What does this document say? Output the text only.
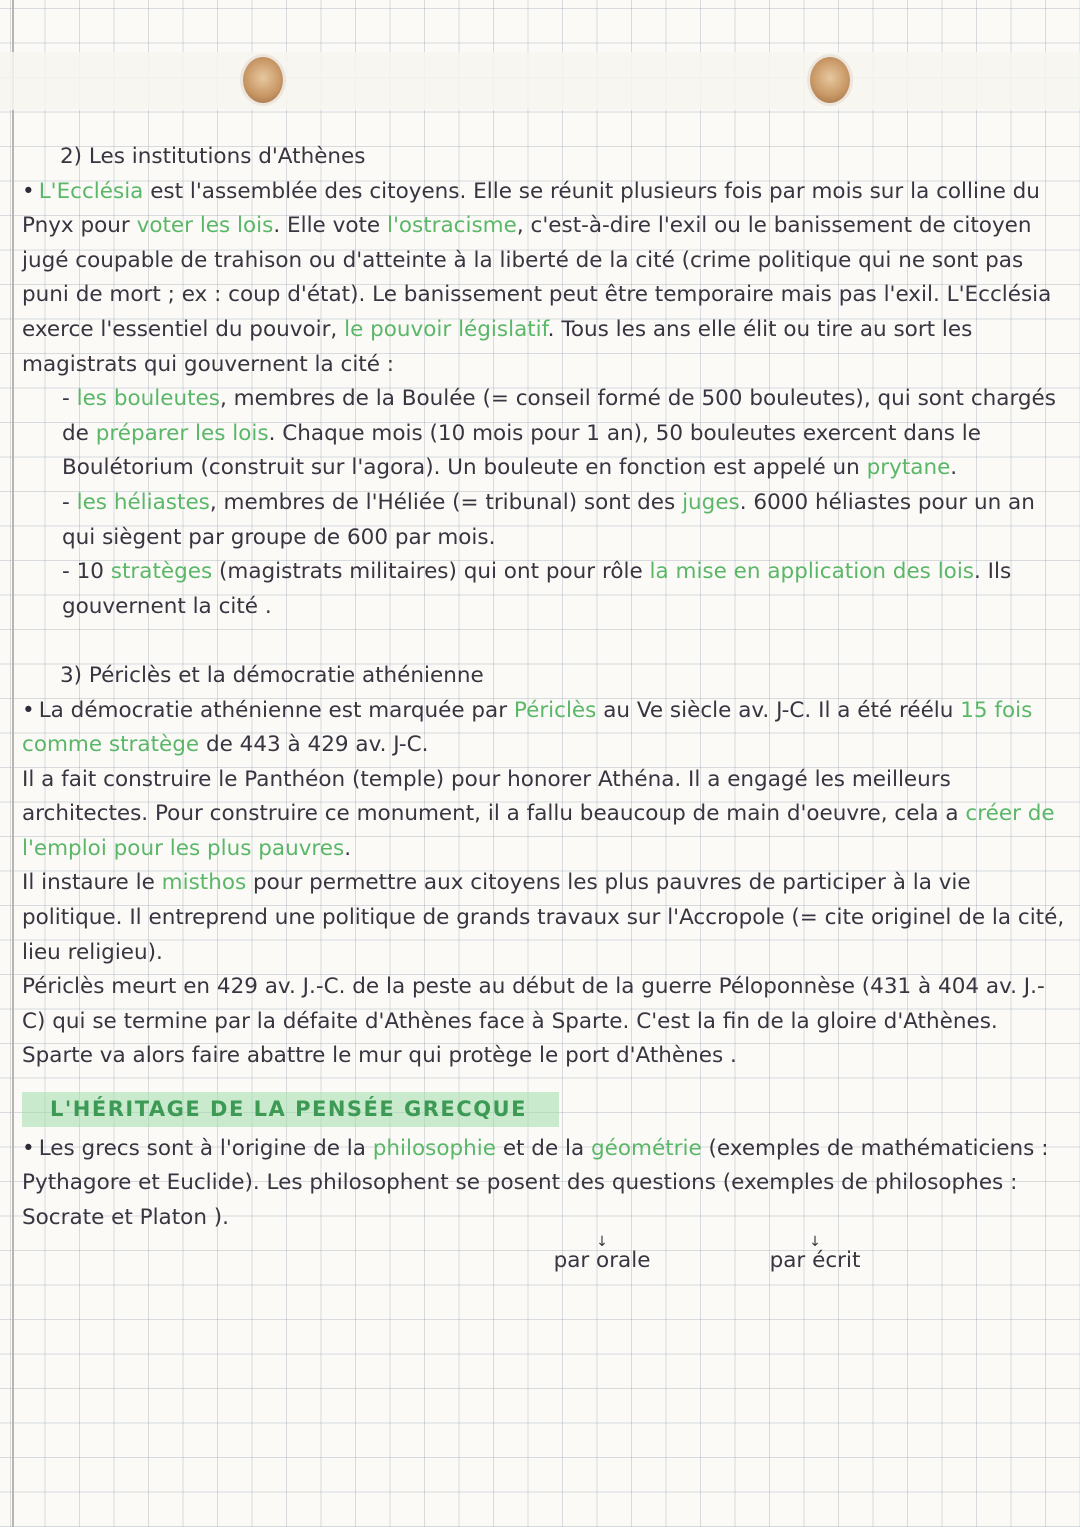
2) Les institutions d'Athènes

• L'Ecclésia est l'assemblée des citoyens. Elle se réunit plusieurs fois par mois sur la colline du Pnyx pour voter les lois. Elle vote l'ostracisme, c'est-à-dire l'exil ou le banissement de citoyen jugé coupable de trahison ou d'atteinte à la liberté de la cité (crime politique qui ne sont pas puni de mort ; ex : coup d'état). Le banissement peut être temporaire mais pas l'exil. L'Ecclésia exerce l'essentiel du pouvoir, le pouvoir législatif. Tous les ans elle élit ou tire au sort les magistrats qui gouvernent la cité :

- les bouleutes, membres de la Boulée (= conseil formé de 500 bouleutes), qui sont chargés de préparer les lois. Chaque mois (10 mois pour 1 an), 50 bouleutes exercent dans le Boulétorium (construit sur l'agora). Un bouleute en fonction est appelé un prytane.

- les héliastes, membres de l'Héliée (= tribunal) sont des juges. 6000 héliastes pour un an qui siègent par groupe de 600 par mois.

- 10 stratèges (magistrats militaires) qui ont pour rôle la mise en application des lois. Ils gouvernent la cité .

3) Périclès et la démocratie athénienne

• La démocratie athénienne est marquée par Périclès au Ve siècle av. J-C. Il a été réélu 15 fois comme stratège de 443 à 429 av. J-C.

Il a fait construire le Panthéon (temple) pour honorer Athéna. Il a engagé les meilleurs architectes. Pour construire ce monument, il a fallu beaucoup de main d'oeuvre, cela a créer de l'emploi pour les plus pauvres.

Il instaure le misthos pour permettre aux citoyens les plus pauvres de participer à la vie politique. Il entreprend une politique de grands travaux sur l'Accropole (= cite originel de la cité, lieu religieu).

Périclès meurt en 429 av. J.-C. de la peste au début de la guerre Péloponnèse (431 à 404 av. J.-C) qui se termine par la défaite d'Athènes face à Sparte. C'est la fin de la gloire d'Athènes. Sparte va alors faire abattre le mur qui protège le port d'Athènes .

L'HÉRITAGE DE LA PENSÉE GRECQUE

• Les grecs sont à l'origine de la philosophie et de la géométrie (exemples de mathématiciens : Pythagore et Euclide). Les philosophent se posent des questions (exemples de philosophes : Socrate et Platon ).

↓
par orale
↓
par écrit
